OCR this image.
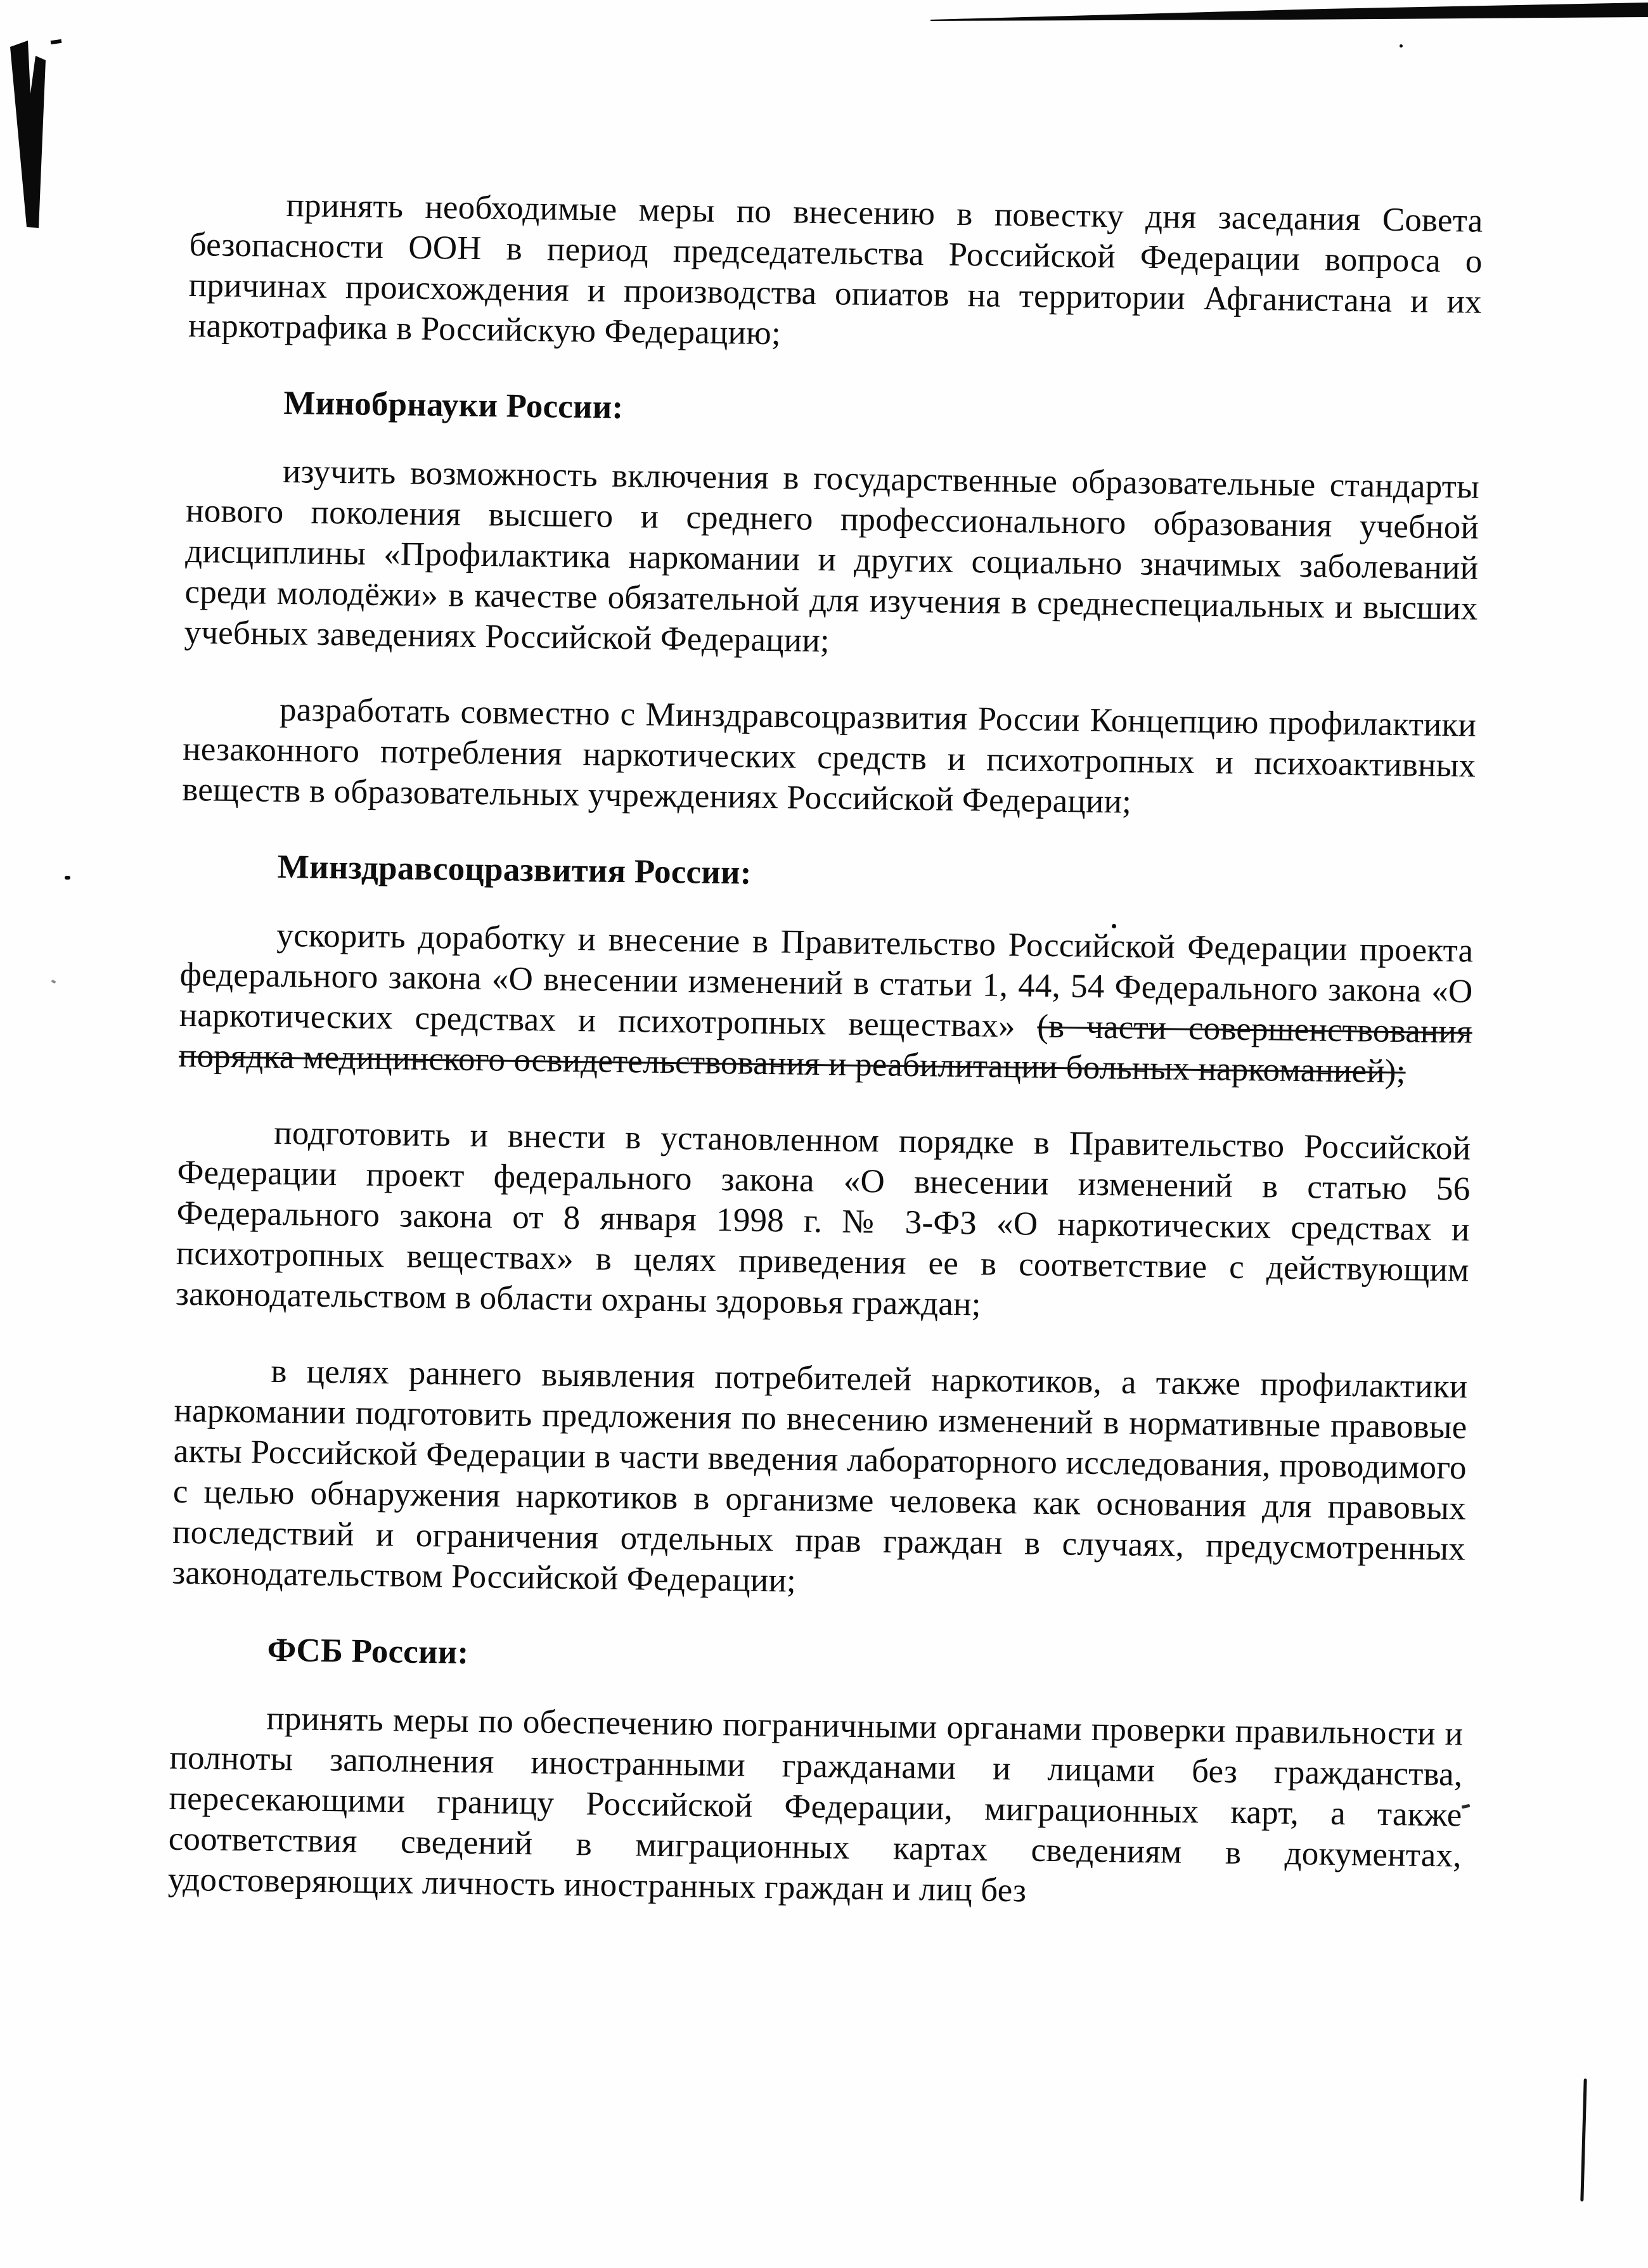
принять необходимые меры по внесению в повестку дня заседания Совета безопасности ООН в период председательства Российской Федерации вопроса о причинах происхождения и производства опиатов на территории Афганистана и их наркотрафика в Российскую Федерацию;

Минобрнауки России:

изучить возможность включения в государственные образовательные стандарты нового поколения высшего и среднего профессионального образования учебной дисциплины «Профилактика наркомании и других социально значимых заболеваний среди молодёжи» в качестве обязательной для изучения в среднеспециальных и высших учебных заведениях Российской Федерации;

разработать совместно с Минздравсоцразвития России Концепцию профилактики незаконного потребления наркотических средств и психотропных и психоактивных веществ в образовательных учреждениях Российской Федерации;

Минздравсоцразвития России:

ускорить доработку и внесение в Правительство Российской Федерации проекта федерального закона «О внесении изменений в статьи 1, 44, 54 Федерального закона «О наркотических средствах и психотропных веществах» (в части совершенствования порядка медицинского освидетельствования и реабилитации больных наркоманией);

подготовить и внести в установленном порядке в Правительство Российской Федерации проект федерального закона «О внесении изменений в статью 56 Федерального закона от 8 января 1998 г. № 3-ФЗ «О наркотических средствах и психотропных веществах» в целях приведения ее в соответствие с действующим законодательством в области охраны здоровья граждан;

в целях раннего выявления потребителей наркотиков, а также профилактики наркомании подготовить предложения по внесению изменений в нормативные правовые акты Российской Федерации в части введения лабораторного исследования, проводимого с целью обнаружения наркотиков в организме человека как основания для правовых последствий и ограничения отдельных прав граждан в случаях, предусмотренных законодательством Российской Федерации;

ФСБ России:

принять меры по обеспечению пограничными органами проверки правильности и полноты заполнения иностранными гражданами и лицами без гражданства, пересекающими границу Российской Федерации, миграционных карт, а также соответствия сведений в миграционных картах сведениям в документах, удостоверяющих личность иностранных граждан и лиц без
